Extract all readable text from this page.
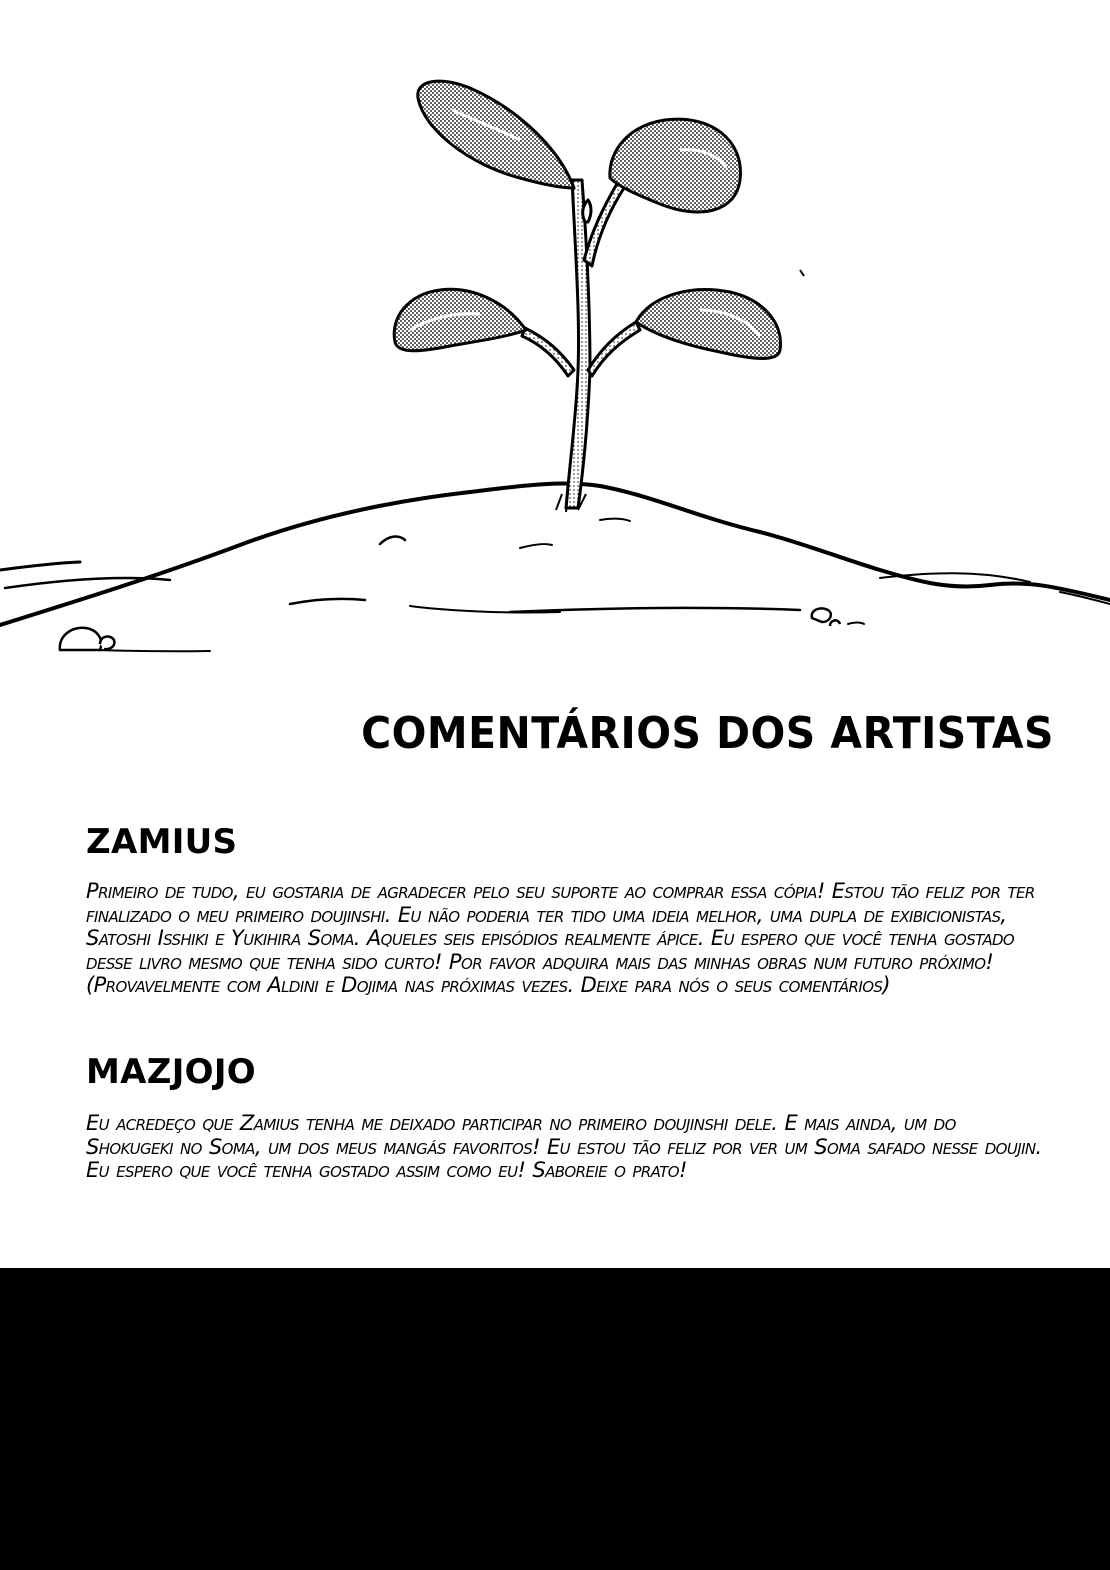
COMENTÁRIOS DOS ARTISTAS
ZAMIUS

Primeiro de tudo, eu gostaria de agradecer pelo seu suporte ao comprar essa cópia! Estou tão feliz por ter finalizado o meu primeiro doujinshi. Eu não poderia ter tido uma ideia melhor, uma dupla de exibicionistas, Satoshi Isshiki e Yukihira Soma. Aqueles seis episódios realmente ápice. Eu espero que você tenha gostado desse livro mesmo que tenha sido curto! Por favor adquira mais das minhas obras num futuro próximo! (Provavelmente com Aldini e Dojima nas próximas vezes. Deixe para nós o seus comentários)

MAZJOJO

Eu acredeço que Zamius tenha me deixado participar no primeiro doujinshi dele. E mais ainda, um do Shokugeki no Soma, um dos meus mangás favoritos! Eu estou tão feliz por ver um Soma safado nesse doujin. Eu espero que você tenha gostado assim como eu! Saboreie o prato!
